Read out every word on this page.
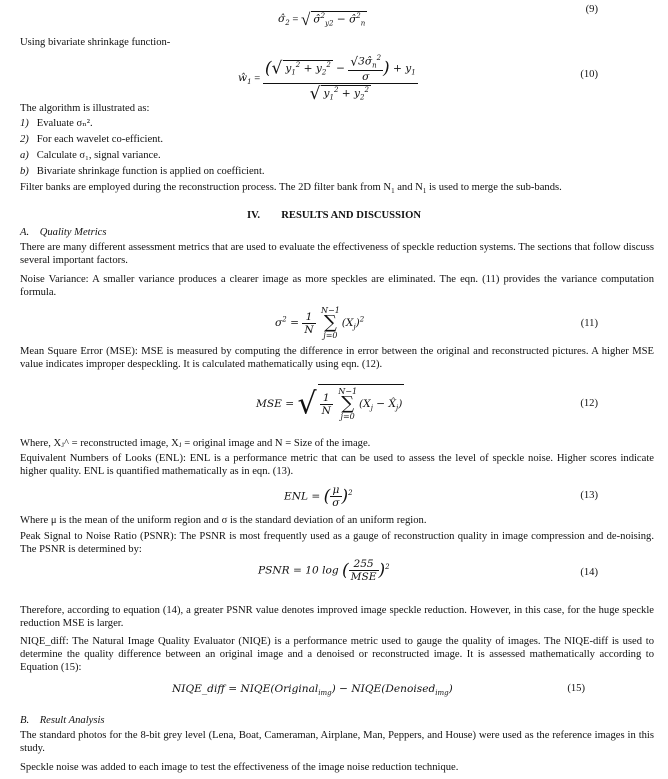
$\sigmâ_2$ = √ σ̂$^2_{y2}$ − σ̂$^2_n$
(9)
Using bivariate shrinkage function-
$ŵ_1 = \frac{(√ y_1^2 + y_2^2 - \frac{√3\sigmâ_n^2}{\sigma} ) + y_1}{√ y_1^2 + y_2^2}$	(10)
The algorithm is illustrated as:
1) Evaluate σₙ².
2) For each wavelet co-efficient.
a) Calculate σ₁, signal variance.
b) Bivariate shrinkage function is applied on coefficient.
Filter banks are employed during the reconstruction process. The 2D filter bank from $N_1$ and $N_1$ is used to merge the sub-bands.
IV.        RESULTS AND DISCUSSION
A.    Quality Metrics
There are many different assessment metrics that are used to evaluate the effectiveness of speckle reduction systems. The sections that follow discuss several important factors.
Noise Variance: A smaller variance produces a clearer image as more speckles are eliminated. The eqn. (11) provides the variance computation formula.
$\sigma^2 = \frac{1}{N}$
N−1
∑
j=0
$(X_j)^2$	(11)
Mean Square Error (MSE): MSE is measured by computing the difference in error between the original and reconstructed pictures. A higher MSE value indicates improper despeckling. It is calculated mathematically using eqn. (12).
MSE = √ $\frac{1}{N}$
N−1
∑
j=0
($X_j$ − $X̂_j$)	(12)
Where, Xⱼ^ = reconstructed image, Xⱼ = original image and N = Size of the image.
Equivalent Numbers of Looks (ENL): ENL is a performance metric that can be used to assess the level of speckle noise. Higher scores indicate higher quality. ENL is quantified mathematically as in eqn. (13).
ENL = ( $\frac{\mu}{\sigma} )^2$	(13)
Where μ is the mean of the uniform region and σ is the standard deviation of an uniform region.
Peak Signal to Noise Ratio (PSNR): The PSNR is most frequently used as a gauge of reconstruction quality in image compression and de-noising. The PSNR is determined by:
PSNR = 10 log ( $\frac{255}{\text{MSE}} )^2$
(14)
Therefore, according to equation (14), a greater PSNR value denotes improved image speckle reduction. However, in this case, for the huge speckle reduction MSE is larger.
NIQE_diff: The Natural Image Quality Evaluator (NIQE) is a performance metric used to gauge the quality of images. The NIQE-diff is used to determine the quality difference between an original image and a denoised or reconstructed image. It is assessed mathematically according to Equation (15):
NIQE_diff = NIQE(Original$_{img}$) − NIQE(Denoised$_{img}$)	(15)
B.    Result Analysis
The standard photos for the 8-bit grey level (Lena, Boat, Cameraman, Airplane, Man, Peppers, and House) were used as the reference images in this study.
Speckle noise was added to each image to test the effectiveness of the image noise reduction technique.
